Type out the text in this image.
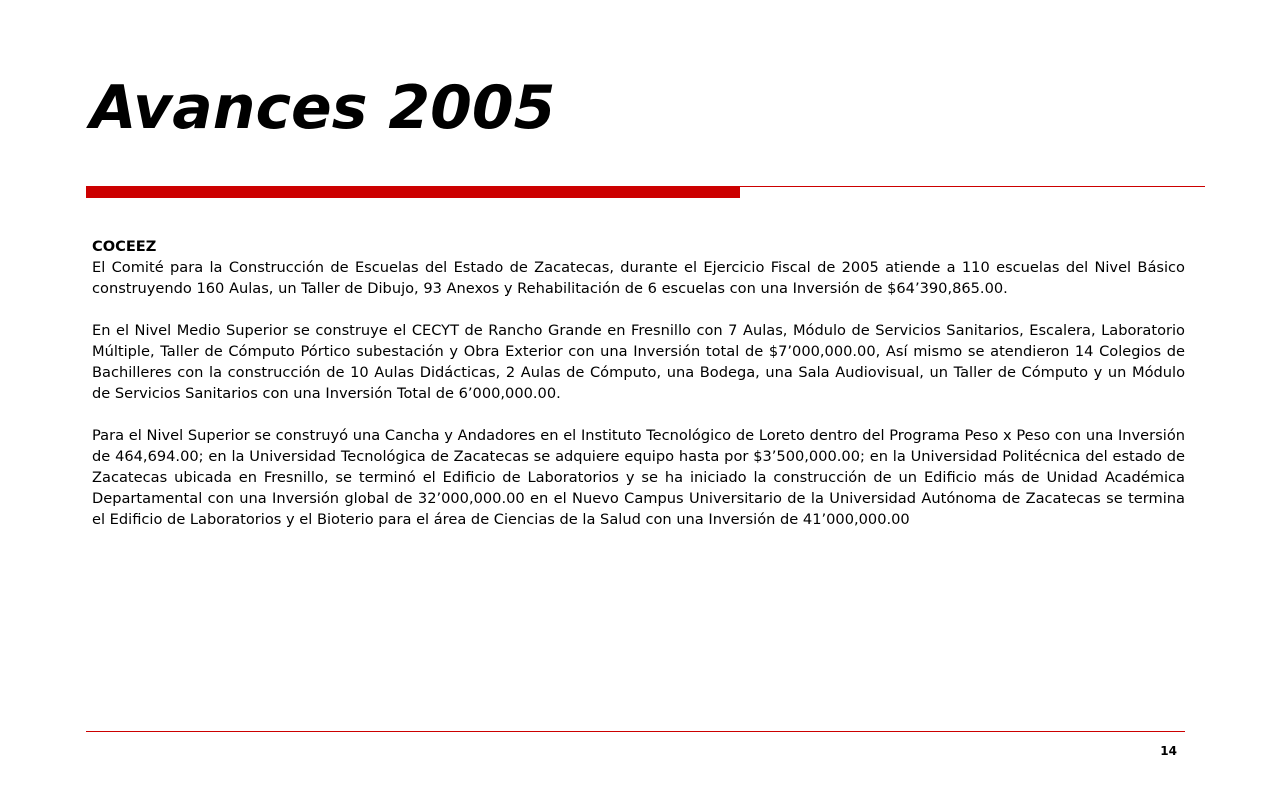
Avances 2005

COCEEZ

El Comité para la Construcción de Escuelas del Estado de Zacatecas, durante el Ejercicio Fiscal de 2005 atiende a 110 escuelas del Nivel Básico construyendo 160 Aulas, un Taller de Dibujo, 93 Anexos y Rehabilitación de 6 escuelas con una Inversión de $64’390,865.00.

En el Nivel Medio Superior se construye el CECYT de Rancho Grande en Fresnillo con 7 Aulas, Módulo de Servicios Sanitarios, Escalera, Laboratorio Múltiple, Taller de Cómputo Pórtico subestación y Obra Exterior con una Inversión total de $7’000,000.00, Así mismo se atendieron 14 Colegios de Bachilleres con la construcción de 10 Aulas Didácticas, 2 Aulas de Cómputo, una Bodega, una Sala Audiovisual, un Taller de Cómputo y un Módulo de Servicios Sanitarios con una Inversión Total de 6’000,000.00.

Para el Nivel Superior se construyó una Cancha y Andadores en el Instituto Tecnológico de Loreto dentro del Programa Peso x Peso con una Inversión de 464,694.00; en la Universidad Tecnológica de Zacatecas se adquiere equipo hasta por $3’500,000.00; en la Universidad Politécnica del estado de Zacatecas ubicada en Fresnillo, se terminó el Edificio de Laboratorios y se ha iniciado la construcción de un Edificio más de Unidad Académica Departamental con una Inversión global de 32’000,000.00 en el Nuevo Campus Universitario de la Universidad Autónoma de Zacatecas se termina el Edificio de Laboratorios y el Bioterio para el área de Ciencias de la Salud con una Inversión de 41’000,000.00

14
